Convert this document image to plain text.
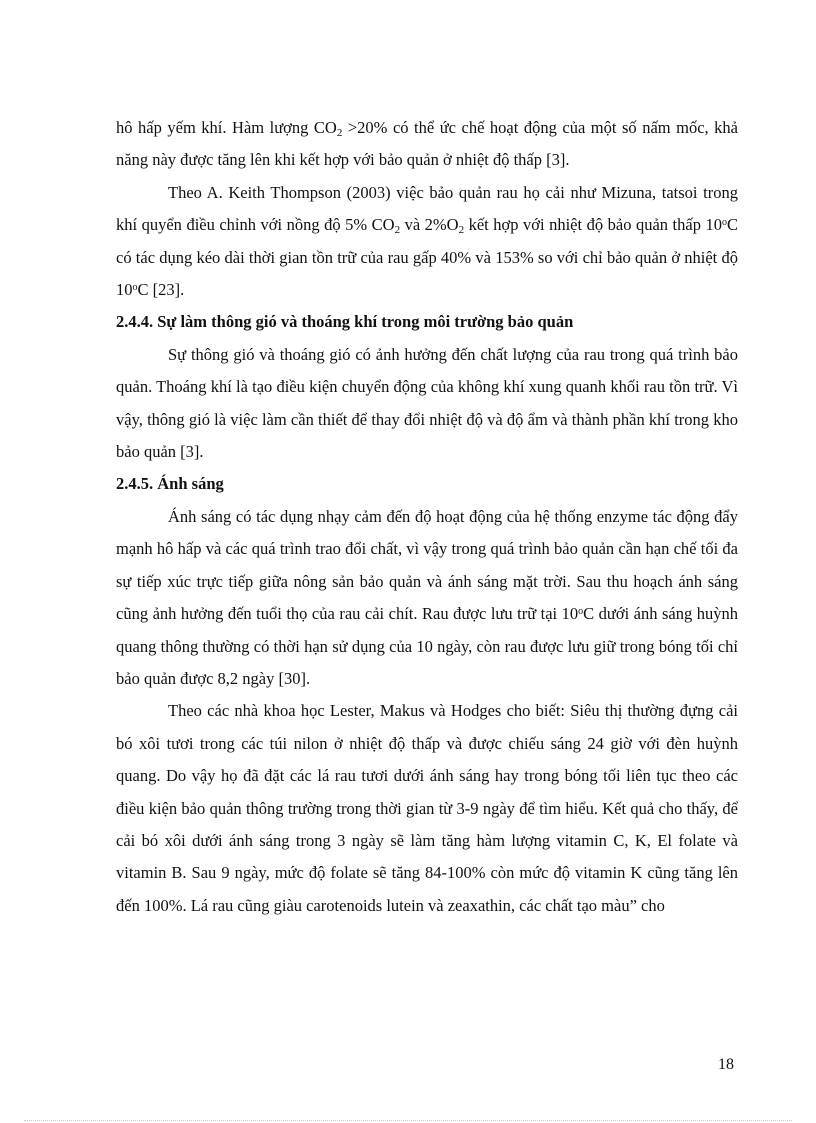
hô hấp yếm khí. Hàm lượng $CO_2 >20\%$ có thể ức chế hoạt động của một số nấm mốc, khả năng này được tăng lên khi kết hợp với bảo quản ở nhiệt độ thấp [3].

Theo A. Keith Thompson (2003) việc bảo quản rau họ cải như Mizuna, tatsoi trong khí quyển điều chỉnh với nồng độ 5% $CO_2$ và $2\%O_2$ kết hợp với nhiệt độ bảo quản thấp 10$^o$C có tác dụng kéo dài thời gian tồn trữ của rau gấp 40% và 153% so với chỉ bảo quản ở nhiệt độ 10$^o$C [23].

2.4.4. Sự làm thông gió và thoáng khí trong môi trường bảo quản

Sự thông gió và thoáng gió có ảnh hưởng đến chất lượng của rau trong quá trình bảo quản. Thoáng khí là tạo điều kiện chuyển động của không khí xung quanh khối rau tồn trữ. Vì vậy, thông gió là việc làm cần thiết để thay đổi nhiệt độ và độ ẩm và thành phần khí trong kho bảo quản [3].

2.4.5. Ánh sáng

Ánh sáng có tác dụng nhạy cảm đến độ hoạt động của hệ thống enzyme tác động đẩy mạnh hô hấp và các quá trình trao đổi chất, vì vậy trong quá trình bảo quản cần hạn chế tối đa sự tiếp xúc trực tiếp giữa nông sản bảo quản và ánh sáng mặt trời. Sau thu hoạch ánh sáng cũng ảnh hưởng đến tuổi thọ của rau cải chít. Rau được lưu trữ tại 10$^o$C dưới ánh sáng huỳnh quang thông thường có thời hạn sử dụng của 10 ngày, còn rau được lưu giữ trong bóng tối chỉ bảo quản được 8,2 ngày [30].

Theo các nhà khoa học Lester, Makus và Hodges cho biết: Siêu thị thường đựng cải bó xôi tươi trong các túi nilon ở nhiệt độ thấp và được chiếu sáng 24 giờ với đèn huỳnh quang. Do vậy họ đã đặt các lá rau tươi dưới ánh sáng hay trong bóng tối liên tục theo các điều kiện bảo quản thông trường trong thời gian từ 3-9 ngày để tìm hiểu. Kết quả cho thấy, để cải bó xôi dưới ánh sáng trong 3 ngày sẽ làm tăng hàm lượng vitamin C, K, El folate và vitamin B. Sau 9 ngày, mức độ folate sẽ tăng 84-100% còn mức độ vitamin K cũng tăng lên đến 100%. Lá rau cũng giàu carotenoids lutein và zeaxathin, các chất tạo màu” cho

18
